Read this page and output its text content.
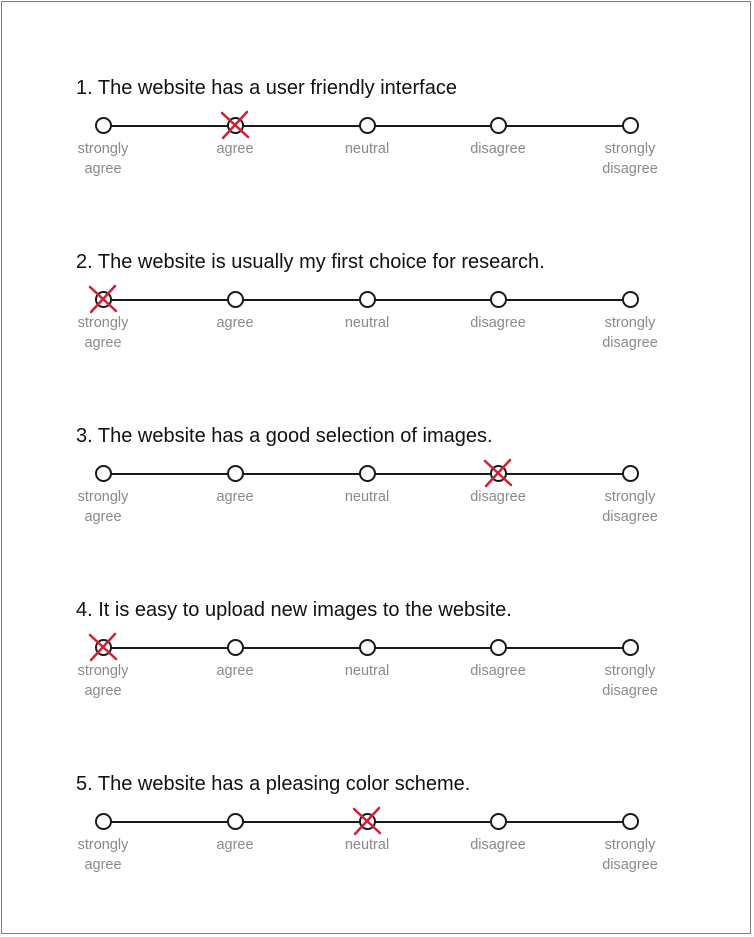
1. The website has a user friendly interface
strongly
agree
agree	neutral	disagree	strongly
disagree
2. The website is usually my first choice for research.
strongly
agree
agree	neutral	disagree	strongly
disagree
3. The website has a good selection of images.
strongly
agree
agree	neutral	disagree	strongly
disagree
4. It is easy to upload new images to the website.
strongly
agree
agree	neutral	disagree	strongly
disagree
5. The website has a pleasing color scheme.
strongly
agree
agree	neutral	disagree	strongly
disagree
